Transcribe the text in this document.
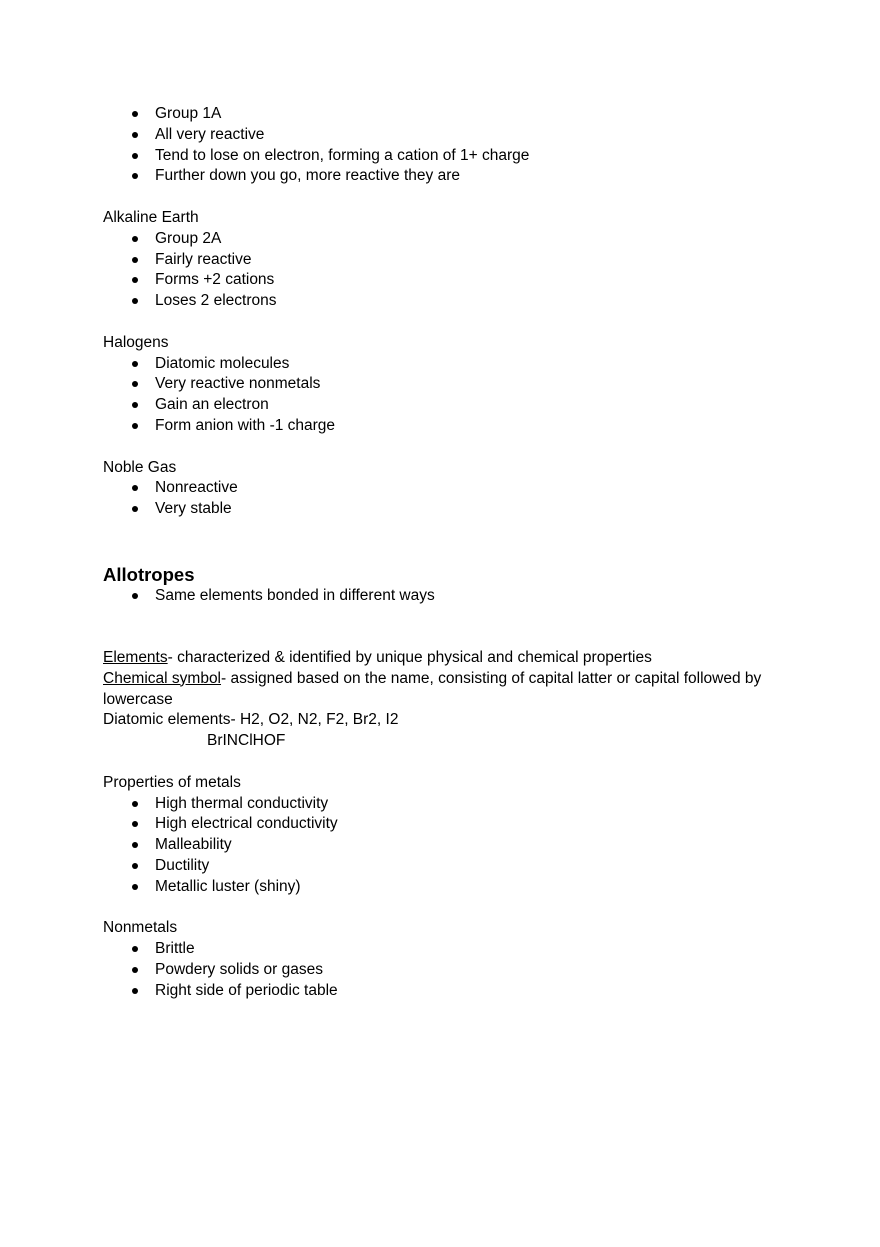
Group 1A
All very reactive
Tend to lose on electron, forming a cation of 1+ charge
Further down you go, more reactive they are

Alkaline Earth

Group 2A
Fairly reactive
Forms +2 cations
Loses 2 electrons

Halogens

Diatomic molecules
Very reactive nonmetals
Gain an electron
Form anion with -1 charge

Noble Gas

Nonreactive
Very stable

Allotropes

Same elements bonded in different ways

Elements- characterized & identified by unique physical and chemical properties

Chemical symbol- assigned based on the name, consisting of capital latter or capital followed by lowercase

Diatomic elements- H2, O2, N2, F2, Br2, I2

BrINClHOF

Properties of metals

High thermal conductivity
High electrical conductivity
Malleability
Ductility
Metallic luster (shiny)

Nonmetals

Brittle
Powdery solids or gases
Right side of periodic table
